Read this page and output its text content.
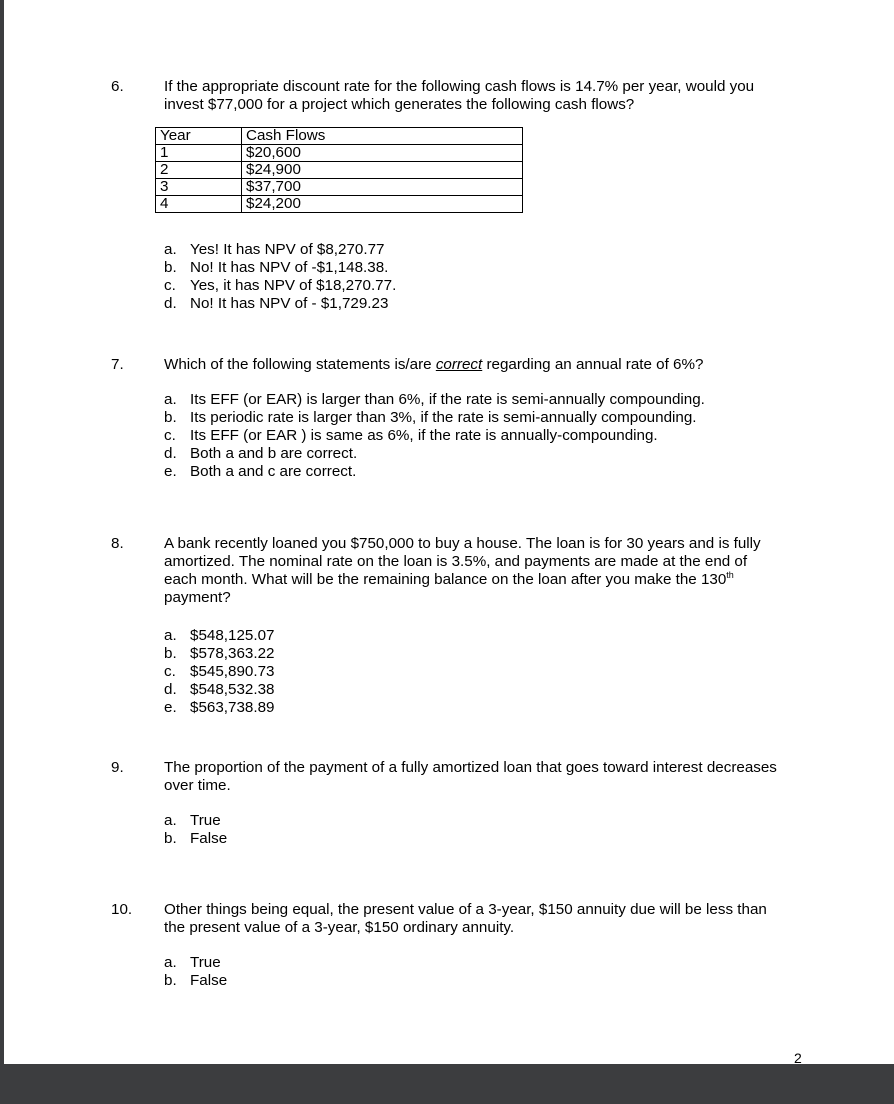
6.	If the appropriate discount rate for the following cash flows is 14.7% per year, would you invest $77,000 for a project which generates the following cash flows?
Year	Cash Flows
1	$20,600
2	$24,900
3	$37,700
4	$24,200
a. Yes! It has NPV of $8,270.77
b. No! It has NPV of -$1,148.38.
c. Yes, it has NPV of $18,270.77.
d. No! It has NPV of - $1,729.23
7.	Which of the following statements is/are correct regarding an annual rate of 6%?
a. Its EFF (or EAR) is larger than 6%, if the rate is semi-annually compounding.
b. Its periodic rate is larger than 3%, if the rate is semi-annually compounding.
c. Its EFF (or EAR ) is same as 6%, if the rate is annually-compounding.
d. Both a and b are correct.
e. Both a and c are correct.
8.	A bank recently loaned you $750,000 to buy a house. The loan is for 30 years and is fully amortized. The nominal rate on the loan is 3.5%, and payments are made at the end of each month. What will be the remaining balance on the loan after you make the 130th payment?
a. $548,125.07
b. $578,363.22
c. $545,890.73
d. $548,532.38
e. $563,738.89
9.	The proportion of the payment of a fully amortized loan that goes toward interest decreases over time.
a. True
b. False
10. Other things being equal, the present value of a 3-year, $150 annuity due will be less than the present value of a 3-year, $150 ordinary annuity.
a. True
b. False
2
